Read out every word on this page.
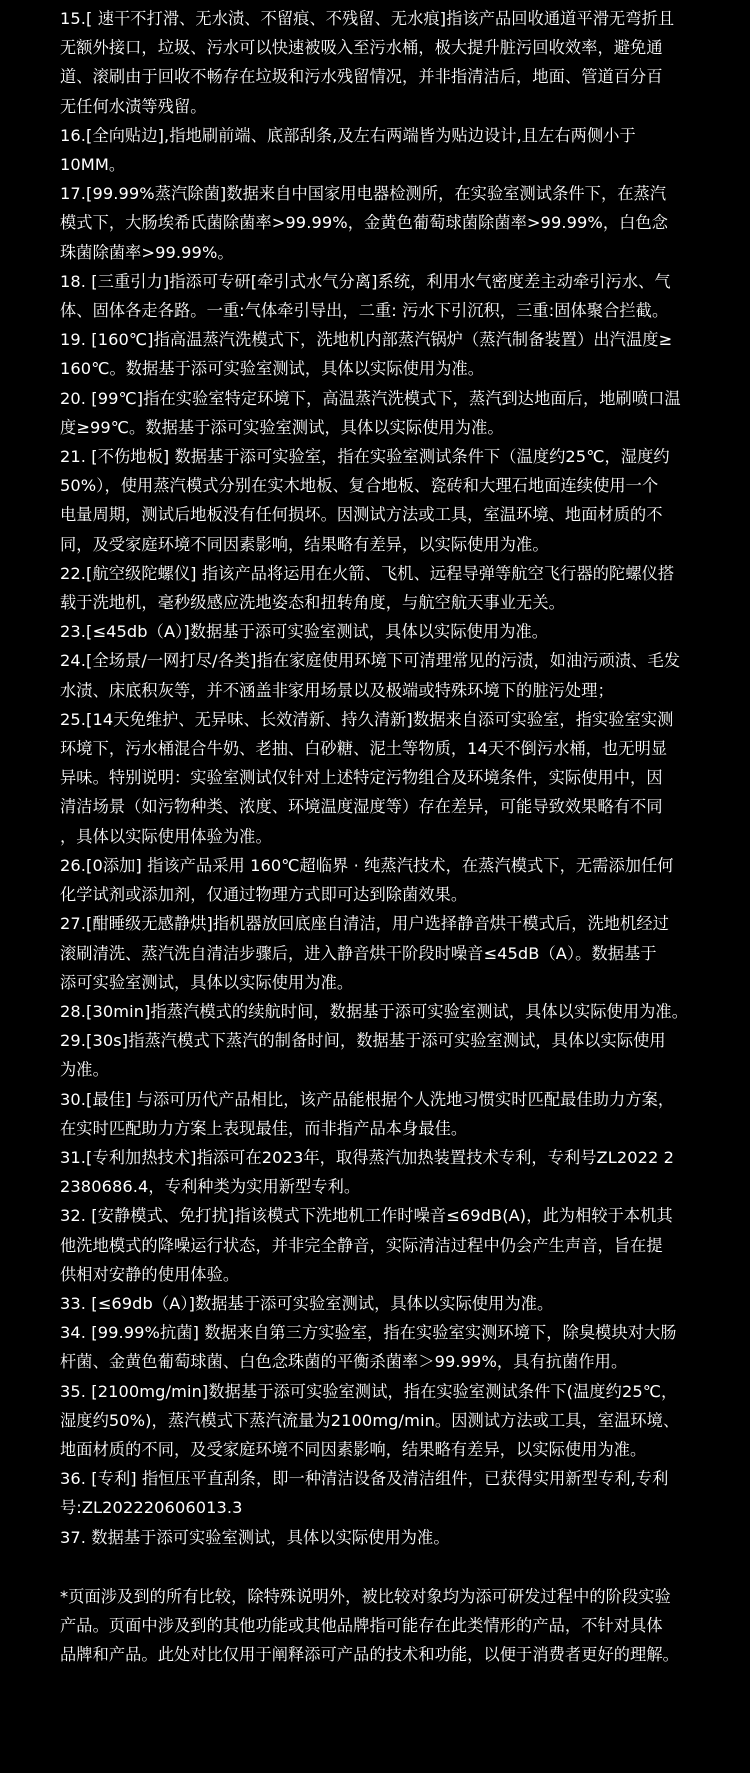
15.[ 速干不打滑、无水渍、不留痕、不残留、无水痕]指该产品回收通道平滑无弯折且
无额外接口，垃圾、污水可以快速被吸入至污水桶，极大提升脏污回收效率，避免通
道、滚刷由于回收不畅存在垃圾和污水残留情况，并非指清洁后，地面、管道百分百
无任何水渍等残留。

16.[全向贴边],指地刷前端、底部刮条,及左右两端皆为贴边设计,且左右两侧小于
10MM。

17.[99.99%蒸汽除菌]数据来自中国家用电器检测所，在实验室测试条件下，在蒸汽
模式下，大肠埃希氏菌除菌率>99.99%，金黄色葡萄球菌除菌率>99.99%，白色念
珠菌除菌率>99.99%。

18. [三重引力]指添可专研[牵引式水气分离]系统，利用水气密度差主动牵引污水、气
体、固体各走各路。一重:气体牵引导出，二重: 污水下引沉积，三重:固体聚合拦截。

19. [160℃]指高温蒸汽洗模式下，洗地机内部蒸汽锅炉（蒸汽制备装置）出汽温度≥
160℃。数据基于添可实验室测试，具体以实际使用为准。

20. [99℃]指在实验室特定环境下，高温蒸汽洗模式下，蒸汽到达地面后，地刷喷口温
度≥99℃。数据基于添可实验室测试，具体以实际使用为准。

21. [不伤地板] 数据基于添可实验室，指在实验室测试条件下（温度约25℃，湿度约
50%），使用蒸汽模式分别在实木地板、复合地板、瓷砖和大理石地面连续使用一个
电量周期，测试后地板没有任何损坏。因测试方法或工具，室温环境、地面材质的不
同，及受家庭环境不同因素影响，结果略有差异，以实际使用为准。

22.[航空级陀螺仪] 指该产品将运用在火箭、飞机、远程导弹等航空飞行器的陀螺仪搭
载于洗地机，毫秒级感应洗地姿态和扭转角度，与航空航天事业无关。

23.[≤45db（A）]数据基于添可实验室测试，具体以实际使用为准。

24.[全场景/一网打尽/各类]指在家庭使用环境下可清理常见的污渍，如油污顽渍、毛发
水渍、床底积灰等，并不涵盖非家用场景以及极端或特殊环境下的脏污处理；

25.[14天免维护、无异味、长效清新、持久清新]数据来自添可实验室，指实验室实测
环境下，污水桶混合牛奶、老抽、白砂糖、泥土等物质，14天不倒污水桶，也无明显
异味。特别说明：实验室测试仅针对上述特定污物组合及环境条件，实际使用中，因
清洁场景（如污物种类、浓度、环境温度湿度等）存在差异，可能导致效果略有不同
，具体以实际使用体验为准。

26.[0添加] 指该产品采用 160℃超临界 · 纯蒸汽技术，在蒸汽模式下，无需添加任何
化学试剂或添加剂，仅通过物理方式即可达到除菌效果。

27.[酣睡级无感静烘]指机器放回底座自清洁，用户选择静音烘干模式后，洗地机经过
滚刷清洗、蒸汽洗自清洁步骤后，进入静音烘干阶段时噪音≤45dB（A）。数据基于
添可实验室测试，具体以实际使用为准。

28.[30min]指蒸汽模式的续航时间，数据基于添可实验室测试，具体以实际使用为准。

29.[30s]指蒸汽模式下蒸汽的制备时间，数据基于添可实验室测试，具体以实际使用
为准。

30.[最佳] 与添可历代产品相比，该产品能根据个人洗地习惯实时匹配最佳助力方案，
在实时匹配助力方案上表现最佳，而非指产品本身最佳。

31.[专利加热技术]指添可在2023年，取得蒸汽加热装置技术专利，专利号ZL2022 2
2380686.4，专利种类为实用新型专利。

32. [安静模式、免打扰]指该模式下洗地机工作时噪音≤69dB(A)，此为相较于本机其
他洗地模式的降噪运行状态，并非完全静音，实际清洁过程中仍会产生声音，旨在提
供相对安静的使用体验。

33. [≤69db（A）]数据基于添可实验室测试，具体以实际使用为准。

34. [99.99%抗菌] 数据来自第三方实验室，指在实验室实测环境下，除臭模块对大肠
杆菌、金黄色葡萄球菌、白色念珠菌的平衡杀菌率＞99.99%，具有抗菌作用。

35. [2100mg/min]数据基于添可实验室测试，指在实验室测试条件下(温度约25℃，
湿度约50%)，蒸汽模式下蒸汽流量为2100mg/min。因测试方法或工具，室温环境、
地面材质的不同，及受家庭环境不同因素影响，结果略有差异，以实际使用为准。

36. [专利] 指恒压平直刮条，即一种清洁设备及清洁组件，已获得实用新型专利,专利
号:ZL202220606013.3

37. 数据基于添可实验室测试，具体以实际使用为准。

*页面涉及到的所有比较，除特殊说明外，被比较对象均为添可研发过程中的阶段实验
产品。页面中涉及到的其他功能或其他品牌指可能存在此类情形的产品，不针对具体
品牌和产品。此处对比仅用于阐释添可产品的技术和功能，以便于消费者更好的理解。
